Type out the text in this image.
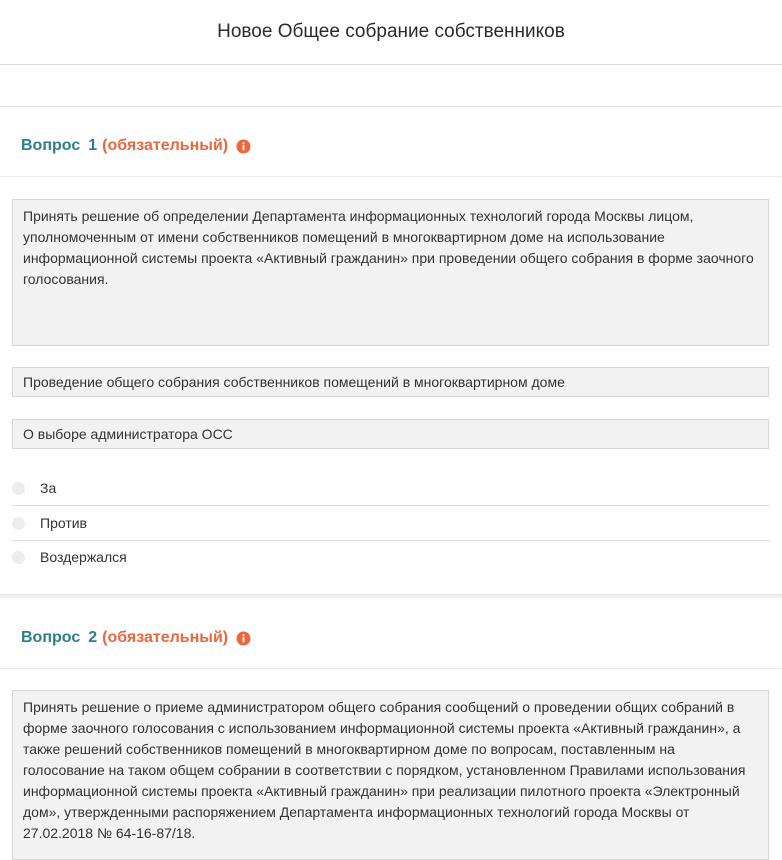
Новое Общее собрание собственников
Вопрос 1 (обязательный)
Принять решение об определении Департамента информационных технологий города Москвы лицом, уполномоченным от имени собственников помещений в многоквартирном доме на использование информационной системы проекта «Активный гражданин» при проведении общего собрания в форме заочного голосования.
Проведение общего собрания собственников помещений в многоквартирном доме
О выборе администратора ОСС
За
Против
Воздержался
Вопрос 2 (обязательный)
Принять решение о приеме администратором общего собрания сообщений о проведении общих собраний в форме заочного голосования с использованием информационной системы проекта «Активный гражданин», а также решений собственников помещений в многоквартирном доме по вопросам, поставленным на голосование на таком общем собрании в соответствии с порядком, установленном Правилами использования информационной системы проекта «Активный гражданин» при реализации пилотного проекта «Электронный дом», утвержденными распоряжением Департамента информационных технологий города Москвы от 27.02.2018 № 64-16-87/18.
